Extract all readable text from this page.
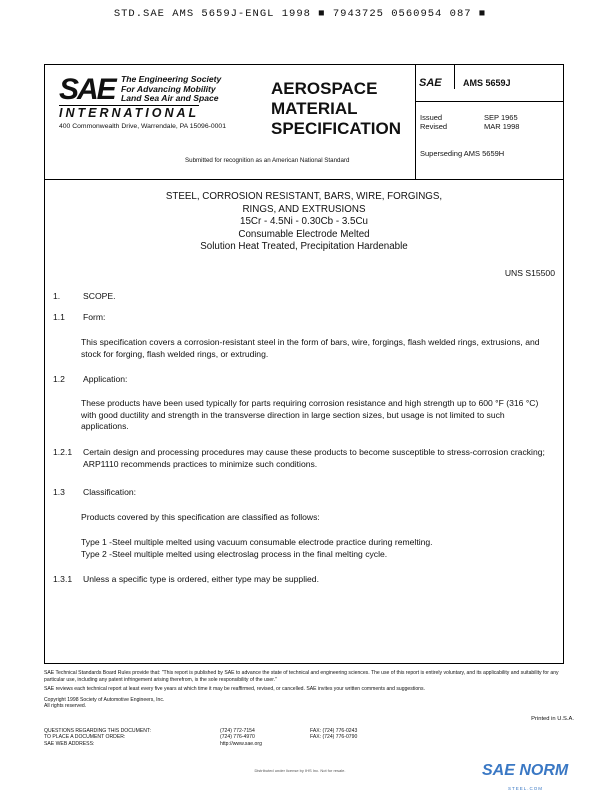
STD.SAE AMS 5659J-ENGL 1998 ■ 7943725 0560954 087 ■
SAE The Engineering Society
For Advancing Mobility
Land Sea Air and Space
INTERNATIONAL
400 Commonwealth Drive, Warrendale, PA 15096-0001
AEROSPACE
MATERIAL
SPECIFICATION
Submitted for recognition as an American National Standard
SAE	AMS 5659J
Issued	SEP 1965
Revised	MAR 1998
Superseding AMS 5659H
STEEL, CORROSION RESISTANT, BARS, WIRE, FORGINGS,
RINGS, AND EXTRUSIONS
15Cr - 4.5Ni - 0.30Cb - 3.5Cu
Consumable Electrode Melted
Solution Heat Treated, Precipitation Hardenable
UNS S15500
1.	SCOPE.
1.1 Form:
This specification covers a corrosion-resistant steel in the form of bars, wire, forgings, flash welded rings, extrusions, and stock for forging, flash welded rings, or extruding.
1.2 Application:
These products have been used typically for parts requiring corrosion resistance and high strength up to 600 °F (316 °C) with good ductility and strength in the transverse direction in large section sizes, but usage is not limited to such applications.
1.2.1	Certain design and processing procedures may cause these products to become susceptible to stress-corrosion cracking; ARP1110 recommends practices to minimize such conditions.
1.3 Classification:
Products covered by this specification are classified as follows:
Type 1 -Steel multiple melted using vacuum consumable electrode practice during remelting.
Type 2 -Steel multiple melted using electroslag process in the final melting cycle.
1.3.1 Unless a specific type is ordered, either type may be supplied.
SAE Technical Standards Board Rules provide that: "This report is published by SAE to advance the state of technical and engineering sciences. The use of this report is entirely voluntary, and its applicability and suitability for any particular use, including any patent infringement arising therefrom, is the sole responsibility of the user."
SAE reviews each technical report at least every five years at which time it may be reaffirmed, revised, or cancelled. SAE invites your written comments and suggestions.
Copyright 1998 Society of Automotive Engineers, Inc.
All rights reserved.
Printed in U.S.A.
QUESTIONS REGARDING THIS DOCUMENT:	(724) 772-7154	FAX: (724) 776-0243
TO PLACE A DOCUMENT ORDER:	(724) 776-4970	FAX: (724) 776-0790
SAE WEB ADDRESS:	http://www.sae.org
Distributed under license by IHS Inc. Not for resale.	SAE NORM
STEEL.COM
